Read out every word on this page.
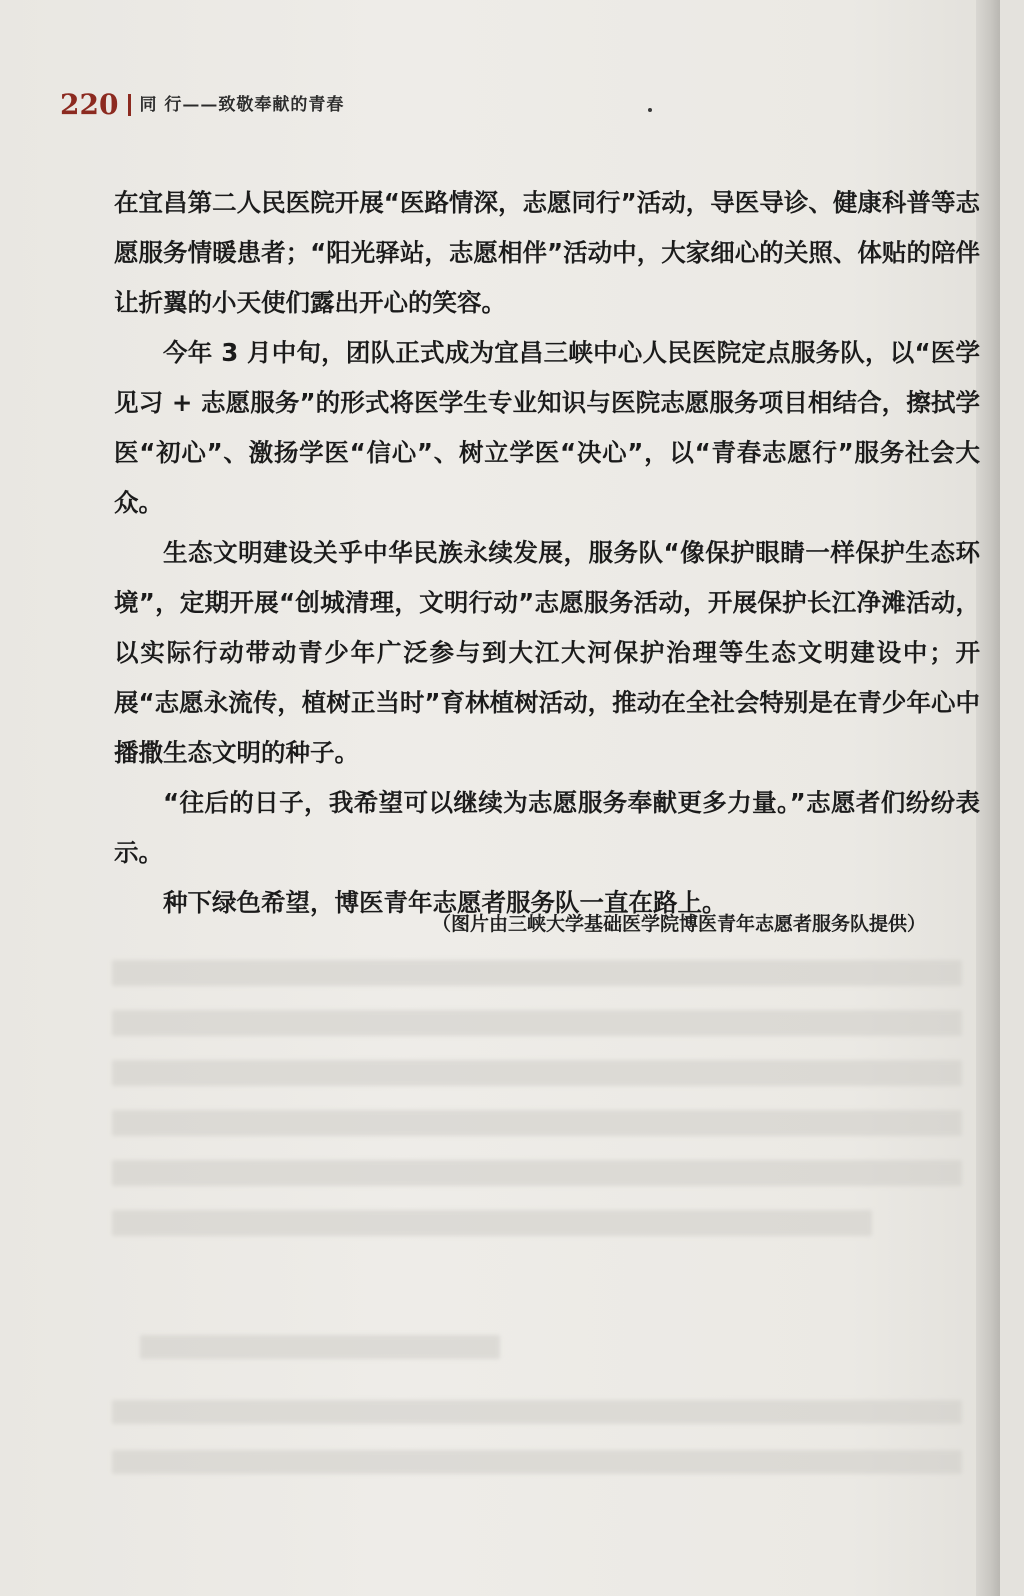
220 同 行——致敬奉献的青春

在宜昌第二人民医院开展“医路情深，志愿同行”活动，导医导诊、健康科普等志愿服务情暖患者；“阳光驿站，志愿相伴”活动中，大家细心的关照、体贴的陪伴让折翼的小天使们露出开心的笑容。

今年 3 月中旬，团队正式成为宜昌三峡中心人民医院定点服务队，以“医学见习 + 志愿服务”的形式将医学生专业知识与医院志愿服务项目相结合，擦拭学医“初心”、激扬学医“信心”、树立学医“决心”，以“青春志愿行”服务社会大众。

生态文明建设关乎中华民族永续发展，服务队“像保护眼睛一样保护生态环境”，定期开展“创城清理，文明行动”志愿服务活动，开展保护长江净滩活动，以实际行动带动青少年广泛参与到大江大河保护治理等生态文明建设中；开展“志愿永流传，植树正当时”育林植树活动，推动在全社会特别是在青少年心中播撒生态文明的种子。

“往后的日子，我希望可以继续为志愿服务奉献更多力量。”志愿者们纷纷表示。

种下绿色希望，博医青年志愿者服务队一直在路上。

（图片由三峡大学基础医学院博医青年志愿者服务队提供）
